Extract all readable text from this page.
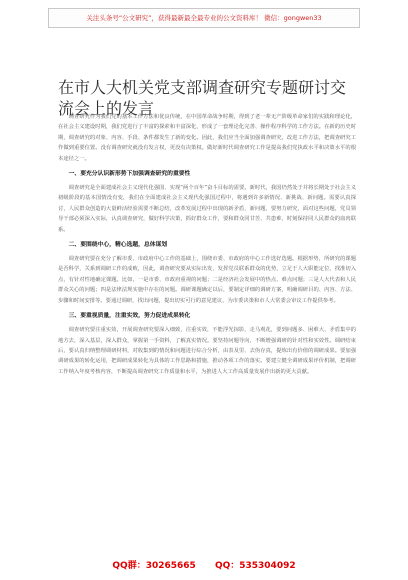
关注头条号“公文研究”，获得最新最全最专业的公文资料库！ 微信：gongwen33
在市人大机关党支部调查研究专题研讨交流会上的发言

调查研究作为我们党的基本工作方法和优良传统，在中国革命战争时期，得到了老一辈无产阶级革命家们的实践和理论化，在社会主义建设时期，我们党进行了丰富的探索和丰富深化，形成了一套理论化完善、操作程序科学的工作方法。在新的历史时期，调查研究的对象、内容、手段、条件都发生了新的变化。因此，我们应当全面加强调查研究，改进工作方法，把调查研究工作做到重要位置。没有调查研究就没有发言权，更没有决策权。做好新时代调查研究工作是提高我们党执政水平和决策水平的根本途径之一。

一、要充分认识新形势下加强调查研究的重要性

调查研究是全面建成社会主义现代化强国、实现“两个百年”奋斗目标的需要。新时代，我国仍然处于并将长期处于社会主义初级阶段的基本国情没有变，我们在全面建成社会主义现代化强国过程中，将遇到许多新情况、新挑战、新问题。需要认真探讨，人民群众创造的大量鲜活经验需要不断总结，改革发展过程中出现的新矛盾，新问题，要努力研究，面对这些问题，党员领导干部必须深入实际，认真调查研究，做好科学决策，抓好群众工作，要和群众同甘苦、共患难，时刻保持同人民群众的血肉联系。

二、要围绕中心，精心选题，总体谋划

调查研究要在充分了解市委、市政府中心工作的基础上，围绕市委、市政府的中心工作选好选题。根据形势，所研究的课题是否科学，关系到调研工作的成败，因此，调查研究要从实际出发，发挥党员联系群众的优势，立足于人大职能定位，找准切入点，有针对性地确定课题。比如，一是市委、市政府重视的问题；二是经济社会发展中的热点、难点问题；三是人大代表和人民群众关心的问题；四是法律法规实施中存在的问题。调研课题确定以后，要制定详细的调研方案，明确调研目的、内容、方法、步骤和时间安排等。要通过调研，找出问题，提出切实可行的意见建议，为市委决策和市人大常委会审议工作提供参考。

三、要重视质量，注重实效，努力促进成果转化

调查研究要注重实效，开展调查研究要深入细致，注重实效，不能浮光掠影，走马观花，要到问题多、困难大、矛盾集中的地方去，深入基层，深入群众，掌握第一手资料，了解真实情况。要坚持问题导向，不断增强调研的针对性和实效性。调研结束后，要认真归纳整理调研材料，对收集到的情况和问题进行综合分析，由表及里、去伪存真，提炼出有价值的调研成果。要加强调研成果的转化运用，把调研成果转化为具体的工作思路和措施，推动各项工作的落实。要建立健全调研成果评价机制，把调研工作纳入年度考核内容，不断提高调查研究工作质量和水平，为推进人大工作高质量发展作出新的更大贡献。

QQ群：30265665 QQ：535304092
